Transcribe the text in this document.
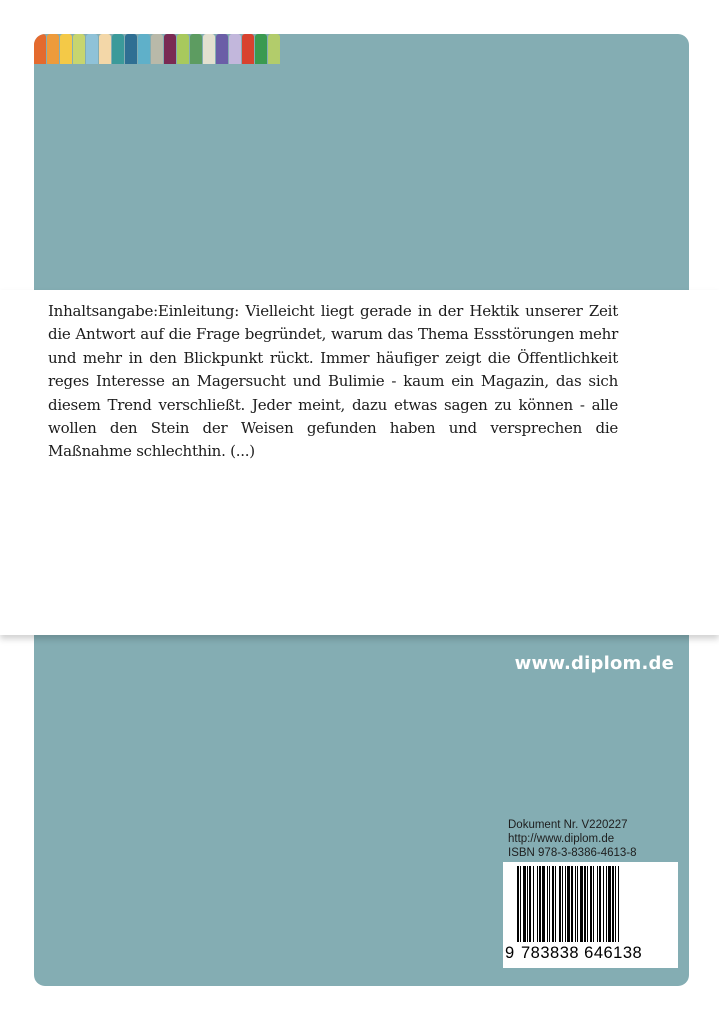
Inhaltsangabe:Einleitung: Vielleicht liegt gerade in der Hektik unserer Zeit die Antwort auf die Frage begründet, warum das Thema Essstörungen mehr und mehr in den Blickpunkt rückt. Immer häufiger zeigt die Öffentlichkeit reges Interesse an Magersucht und Bulimie - kaum ein Magazin, das sich diesem Trend verschließt. Jeder meint, dazu etwas sagen zu können - alle wollen den Stein der Weisen gefunden haben und versprechen die Maßnahme schlechthin. (...)

www.diplom.de
Dokument Nr. V220227
http://www.diplom.de
ISBN 978-3-8386-4613-8
9 783838 646138
